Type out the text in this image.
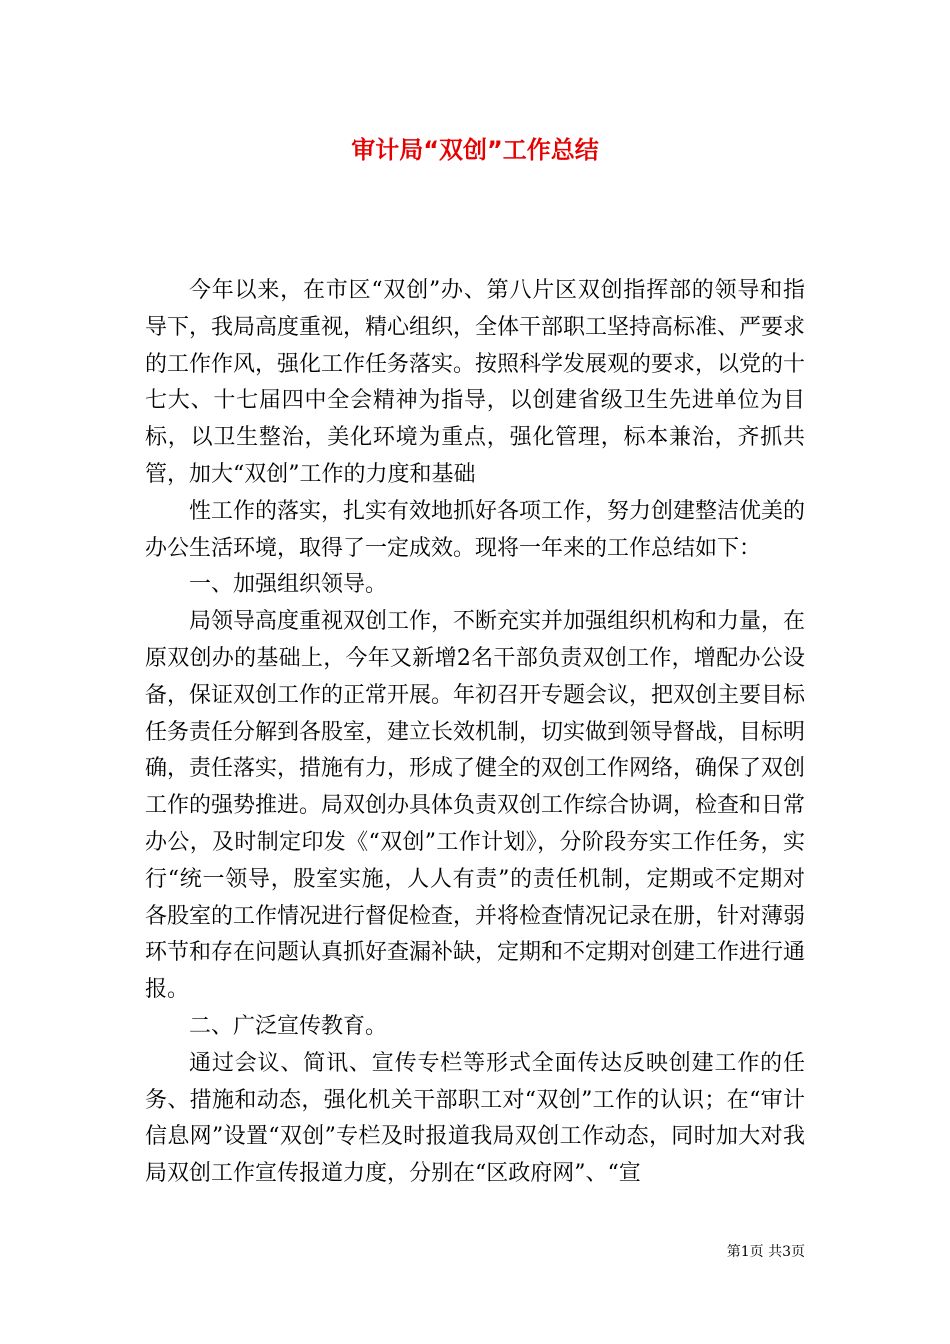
审计局“双创”工作总结

今年以来，在市区“双创”办、第八片区双创指挥部的领导和指导下，我局高度重视，精心组织，全体干部职工坚持高标准、严要求的工作作风，强化工作任务落实。按照科学发展观的要求，以党的十七大、十七届四中全会精神为指导，以创建省级卫生先进单位为目标，以卫生整治，美化环境为重点，强化管理，标本兼治，齐抓共管，加大“双创”工作的力度和基础

性工作的落实，扎实有效地抓好各项工作，努力创建整洁优美的办公生活环境，取得了一定成效。现将一年来的工作总结如下：

一、加强组织领导。

局领导高度重视双创工作，不断充实并加强组织机构和力量，在原双创办的基础上，今年又新增2名干部负责双创工作，增配办公设备，保证双创工作的正常开展。年初召开专题会议，把双创主要目标任务责任分解到各股室，建立长效机制，切实做到领导督战，目标明确，责任落实，措施有力，形成了健全的双创工作网络，确保了双创工作的强势推进。局双创办具体负责双创工作综合协调，检查和日常办公，及时制定印发《“双创”工作计划》，分阶段夯实工作任务，实行“统一领导，股室实施，人人有责”的责任机制，定期或不定期对各股室的工作情况进行督促检查，并将检查情况记录在册，针对薄弱环节和存在问题认真抓好查漏补缺，定期和不定期对创建工作进行通报。

二、广泛宣传教育。

通过会议、简讯、宣传专栏等形式全面传达反映创建工作的任务、措施和动态，强化机关干部职工对“双创”工作的认识；在“审计信息网”设置“双创”专栏及时报道我局双创工作动态，同时加大对我局双创工作宣传报道力度，分别在“区政府网”、“宣

第1页 共3页
